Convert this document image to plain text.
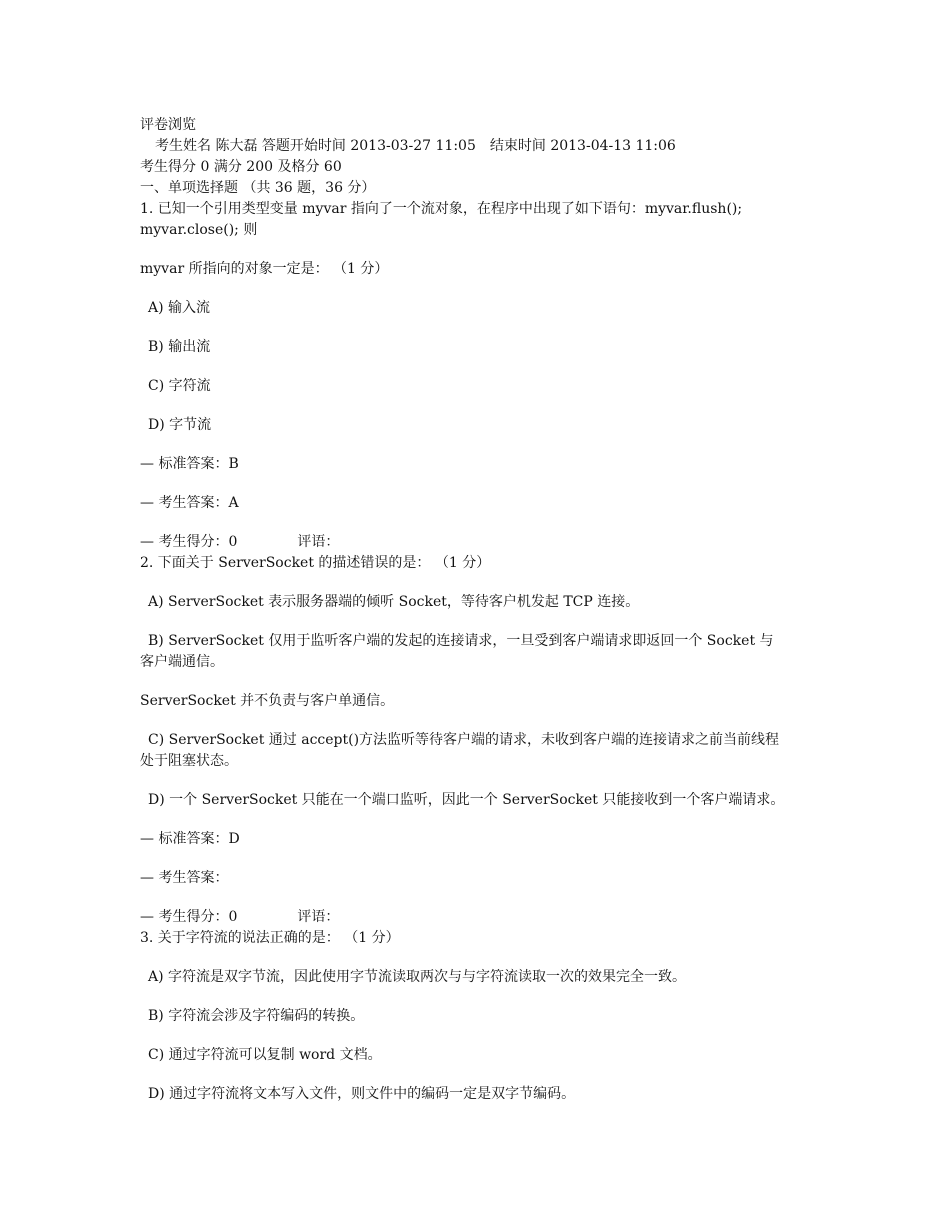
评卷浏览
考生姓名 陈大磊 答题开始时间 2013-03-27 11:05 结束时间 2013-04-13 11:06
考生得分 0 满分 200 及格分 60
一、单项选择题 （共 36 题，36 分）
1. 已知一个引用类型变量 myvar 指向了一个流对象，在程序中出现了如下语句：myvar.flush();
myvar.close(); 则
myvar 所指向的对象一定是： （1 分）
A) 输入流
B) 输出流
C) 字符流
D) 字节流
— 标准答案：B
— 考生答案：A
— 考生得分：0	评语：
2. 下面关于 ServerSocket 的描述错误的是： （1 分）
A) ServerSocket 表示服务器端的倾听 Socket，等待客户机发起 TCP 连接。
B) ServerSocket 仅用于监听客户端的发起的连接请求，一旦受到客户端请求即返回一个 Socket 与
客户端通信。
ServerSocket 并不负责与客户单通信。
C) ServerSocket 通过 accept()方法监听等待客户端的请求，未收到客户端的连接请求之前当前线程
处于阻塞状态。
D) 一个 ServerSocket 只能在一个端口监听，因此一个 ServerSocket 只能接收到一个客户端请求。
— 标准答案：D
— 考生答案：
— 考生得分：0	评语：
3. 关于字符流的说法正确的是： （1 分）
A) 字符流是双字节流，因此使用字节流读取两次与与字符流读取一次的效果完全一致。
B) 字符流会涉及字符编码的转换。
C) 通过字符流可以复制 word 文档。
D) 通过字符流将文本写入文件，则文件中的编码一定是双字节编码。
